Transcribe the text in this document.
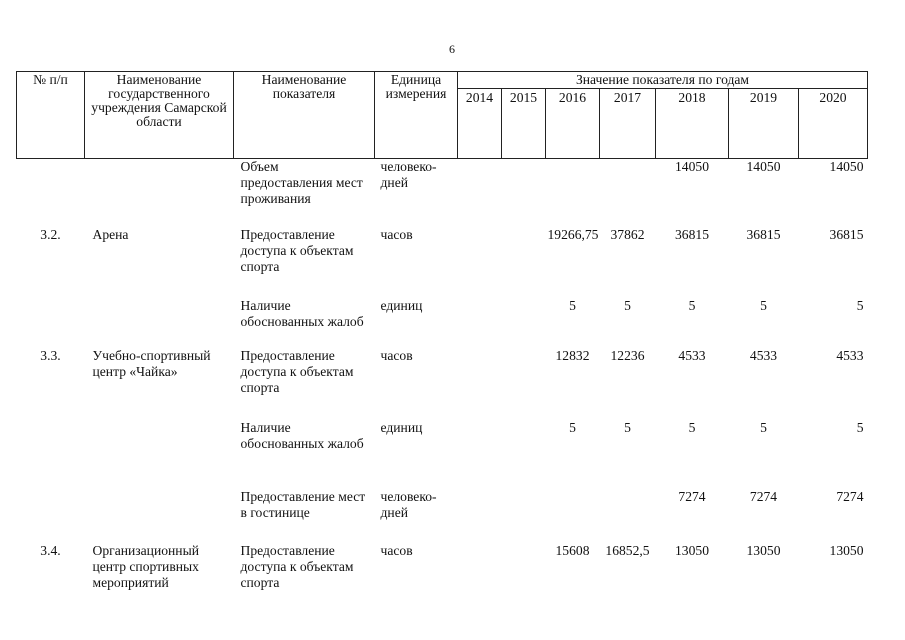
6
№ п/п	Наименование государственного учреждения Самарской области	Наименование показателя	Единица измерения	Значение показателя по годам						
				2014	2015	2016	2017	2018	2019	2020
		Объем предоставления мест проживания	человеко-дней					14050	14050	14050
3.2.	Арена	Предоставление доступа к объектам спорта	часов			19266,75	37862	36815	36815	36815
		Наличие обоснованных жалоб	единиц			5	5	5	5	5
3.3.	Учебно-спортивный центр «Чайка»	Предоставление доступа к объектам спорта	часов			12832	12236	4533	4533	4533
		Наличие обоснованных жалоб	единиц			5	5	5	5	5
		Предоставление мест в гостинице	человеко-дней					7274	7274	7274
3.4.	Организационный центр спортивных мероприятий	Предоставление доступа к объектам спорта	часов			15608	16852,5	13050	13050	13050
